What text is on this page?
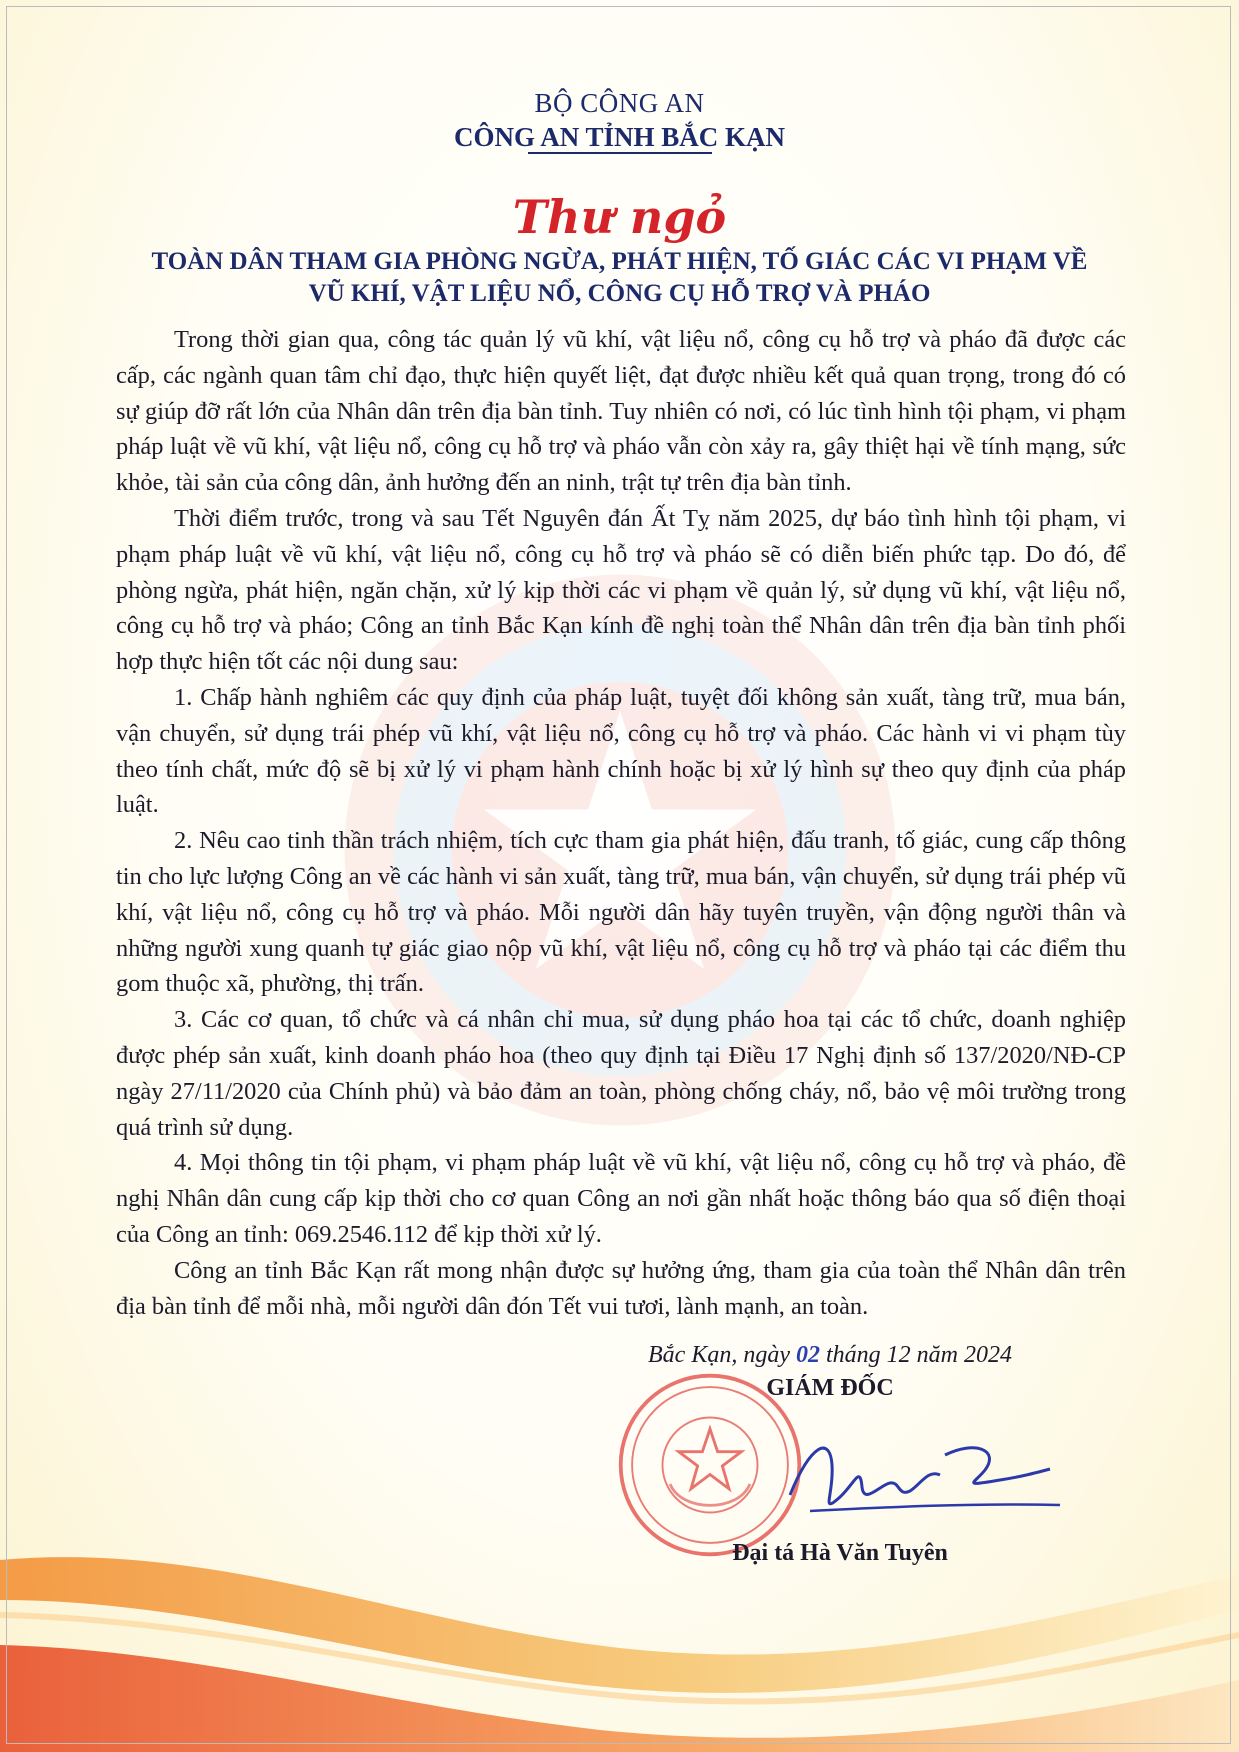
BỘ CÔNG AN
CÔNG AN TỈNH BẮC KẠN
Thư ngỏ
TOÀN DÂN THAM GIA PHÒNG NGỪA, PHÁT HIỆN, TỐ GIÁC CÁC VI PHẠM VỀ VŨ KHÍ, VẬT LIỆU NỔ, CÔNG CỤ HỖ TRỢ VÀ PHÁO

Trong thời gian qua, công tác quản lý vũ khí, vật liệu nổ, công cụ hỗ trợ và pháo đã được các cấp, các ngành quan tâm chỉ đạo, thực hiện quyết liệt, đạt được nhiều kết quả quan trọng, trong đó có sự giúp đỡ rất lớn của Nhân dân trên địa bàn tỉnh. Tuy nhiên có nơi, có lúc tình hình tội phạm, vi phạm pháp luật về vũ khí, vật liệu nổ, công cụ hỗ trợ và pháo vẫn còn xảy ra, gây thiệt hại về tính mạng, sức khỏe, tài sản của công dân, ảnh hưởng đến an ninh, trật tự trên địa bàn tỉnh.

Thời điểm trước, trong và sau Tết Nguyên đán Ất Tỵ năm 2025, dự báo tình hình tội phạm, vi phạm pháp luật về vũ khí, vật liệu nổ, công cụ hỗ trợ và pháo sẽ có diễn biến phức tạp. Do đó, để phòng ngừa, phát hiện, ngăn chặn, xử lý kịp thời các vi phạm về quản lý, sử dụng vũ khí, vật liệu nổ, công cụ hỗ trợ và pháo; Công an tỉnh Bắc Kạn kính đề nghị toàn thể Nhân dân trên địa bàn tỉnh phối hợp thực hiện tốt các nội dung sau:

1. Chấp hành nghiêm các quy định của pháp luật, tuyệt đối không sản xuất, tàng trữ, mua bán, vận chuyển, sử dụng trái phép vũ khí, vật liệu nổ, công cụ hỗ trợ và pháo. Các hành vi vi phạm tùy theo tính chất, mức độ sẽ bị xử lý vi phạm hành chính hoặc bị xử lý hình sự theo quy định của pháp luật.

2. Nêu cao tinh thần trách nhiệm, tích cực tham gia phát hiện, đấu tranh, tố giác, cung cấp thông tin cho lực lượng Công an về các hành vi sản xuất, tàng trữ, mua bán, vận chuyển, sử dụng trái phép vũ khí, vật liệu nổ, công cụ hỗ trợ và pháo. Mỗi người dân hãy tuyên truyền, vận động người thân và những người xung quanh tự giác giao nộp vũ khí, vật liệu nổ, công cụ hỗ trợ và pháo tại các điểm thu gom thuộc xã, phường, thị trấn.

3. Các cơ quan, tổ chức và cá nhân chỉ mua, sử dụng pháo hoa tại các tổ chức, doanh nghiệp được phép sản xuất, kinh doanh pháo hoa (theo quy định tại Điều 17 Nghị định số 137/2020/NĐ-CP ngày 27/11/2020 của Chính phủ) và bảo đảm an toàn, phòng chống cháy, nổ, bảo vệ môi trường trong quá trình sử dụng.

4. Mọi thông tin tội phạm, vi phạm pháp luật về vũ khí, vật liệu nổ, công cụ hỗ trợ và pháo, đề nghị Nhân dân cung cấp kịp thời cho cơ quan Công an nơi gần nhất hoặc thông báo qua số điện thoại của Công an tỉnh: 069.2546.112 để kịp thời xử lý.

Công an tỉnh Bắc Kạn rất mong nhận được sự hưởng ứng, tham gia của toàn thể Nhân dân trên địa bàn tỉnh để mỗi nhà, mỗi người dân đón Tết vui tươi, lành mạnh, an toàn.

Bắc Kạn, ngày 02 tháng 12 năm 2024
GIÁM ĐỐC
Đại tá Hà Văn Tuyên
